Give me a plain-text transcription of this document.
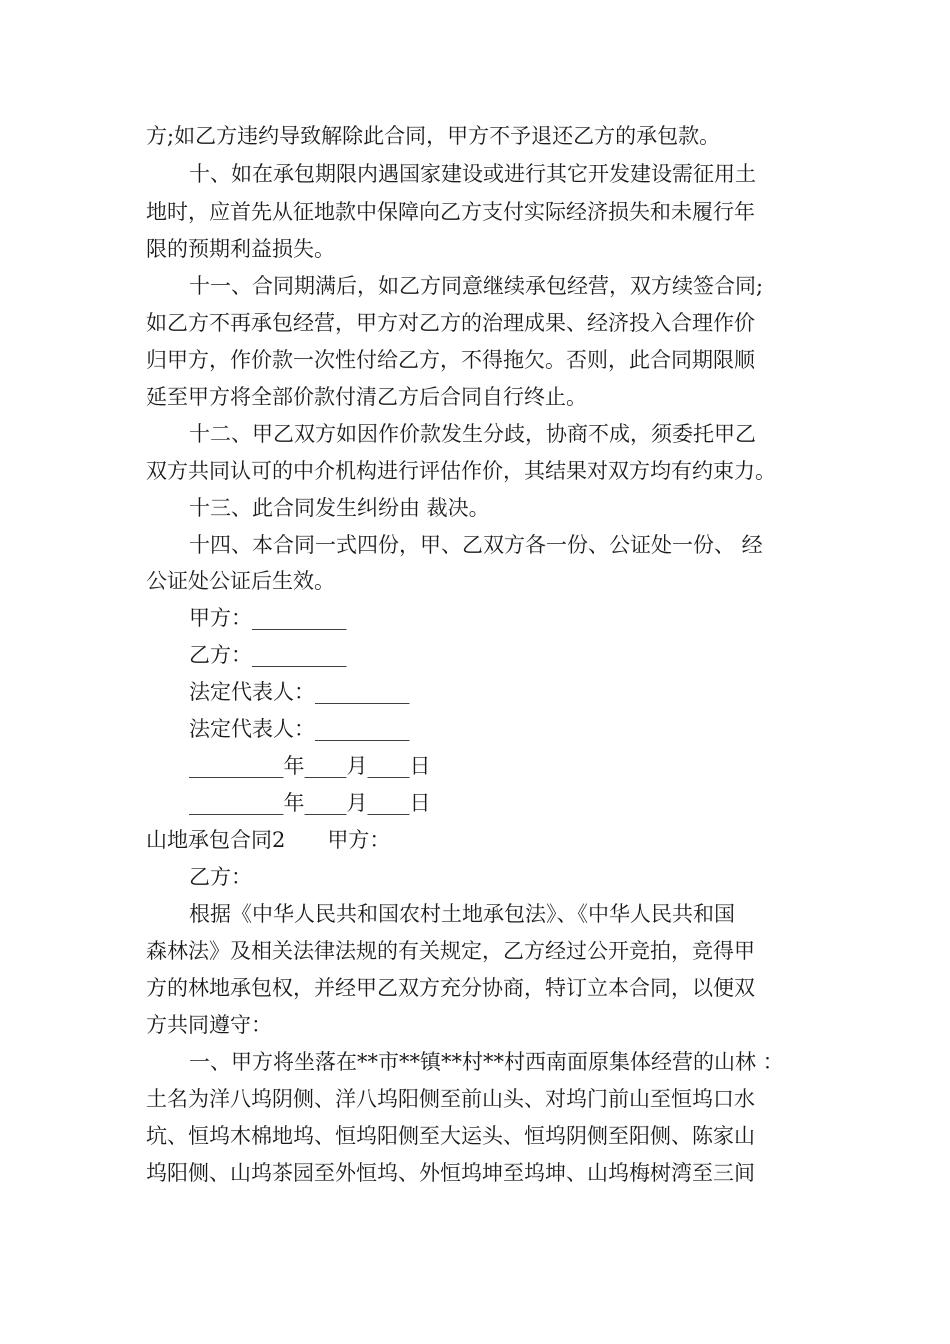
方;如乙方违约导致解除此合同，甲方不予退还乙方的承包款。
十、如在承包期限内遇国家建设或进行其它开发建设需征用土
地时，应首先从征地款中保障向乙方支付实际经济损失和未履行年
限的预期利益损失。
十一、合同期满后，如乙方同意继续承包经营，双方续签合同;
如乙方不再承包经营，甲方对乙方的治理成果、经济投入合理作价
归甲方，作价款一次性付给乙方，不得拖欠。否则，此合同期限顺
延至甲方将全部价款付清乙方后合同自行终止。
十二、甲乙双方如因作价款发生分歧，协商不成，须委托甲乙
双方共同认可的中介机构进行评估作价，其结果对双方均有约束力。
十三、此合同发生纠纷由 裁决。
十四、本合同一式四份，甲、乙双方各一份、公证处一份、 经
公证处公证后生效。
甲方：_________
乙方：_________
法定代表人：_________
法定代表人：_________
_________年____月____日
_________年____月____日
山地承包合同2　　甲方：
乙方：
根据《中华人民共和国农村土地承包法》、《中华人民共和国
森林法》及相关法律法规的有关规定，乙方经过公开竞拍，竞得甲
方的林地承包权，并经甲乙双方充分协商，特订立本合同，以便双
方共同遵守：
一、甲方将坐落在**市**镇**村**村西南面原集体经营的山林 ：
土名为洋八坞阴侧、洋八坞阳侧至前山头、对坞门前山至恒坞口水
坑、恒坞木棉地坞、恒坞阳侧至大运头、恒坞阴侧至阳侧、陈家山
坞阳侧、山坞茶园至外恒坞、外恒坞坤至坞坤、山坞梅树湾至三间
